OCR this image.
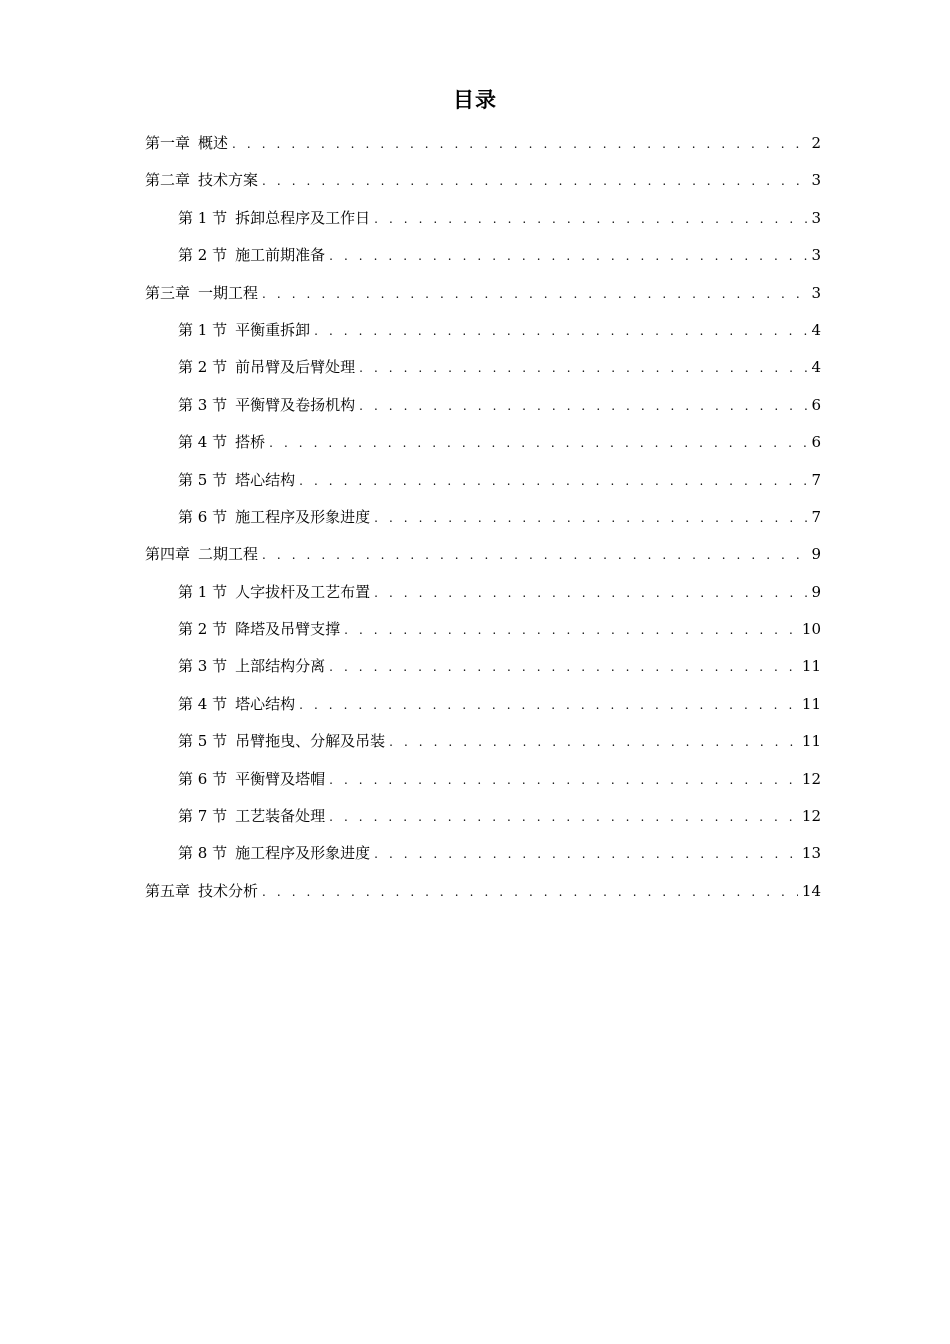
目录
第一章 概述 . . .	2
第二章 技术方案 . . .	3
第 1 节 拆卸总程序及工作日 . . .	3
第 2 节 施工前期准备 . . .	3
第三章 一期工程 . . .	3
第 1 节 平衡重拆卸 . . .	4
第 2 节 前吊臂及后臂处理 . . .	4
第 3 节 平衡臂及卷扬机构 . . .	6
第 4 节 搭桥 . . .	6
第 5 节 塔心结构 . . .	7
第 6 节 施工程序及形象进度 . . .	7
第四章 二期工程 . . .	9
第 1 节 人字拔杆及工艺布置 . . .	9
第 2 节 降塔及吊臂支撑 . . .	10
第 3 节 上部结构分离 . . .	11
第 4 节 塔心结构 . . .	11
第 5 节 吊臂拖曳、分解及吊装 . . .	11
第 6 节 平衡臂及塔帽 . . .	12
第 7 节 工艺装备处理 . . .	12
第 8 节 施工程序及形象进度 . . .	13
第五章 技术分析 . . .	14
